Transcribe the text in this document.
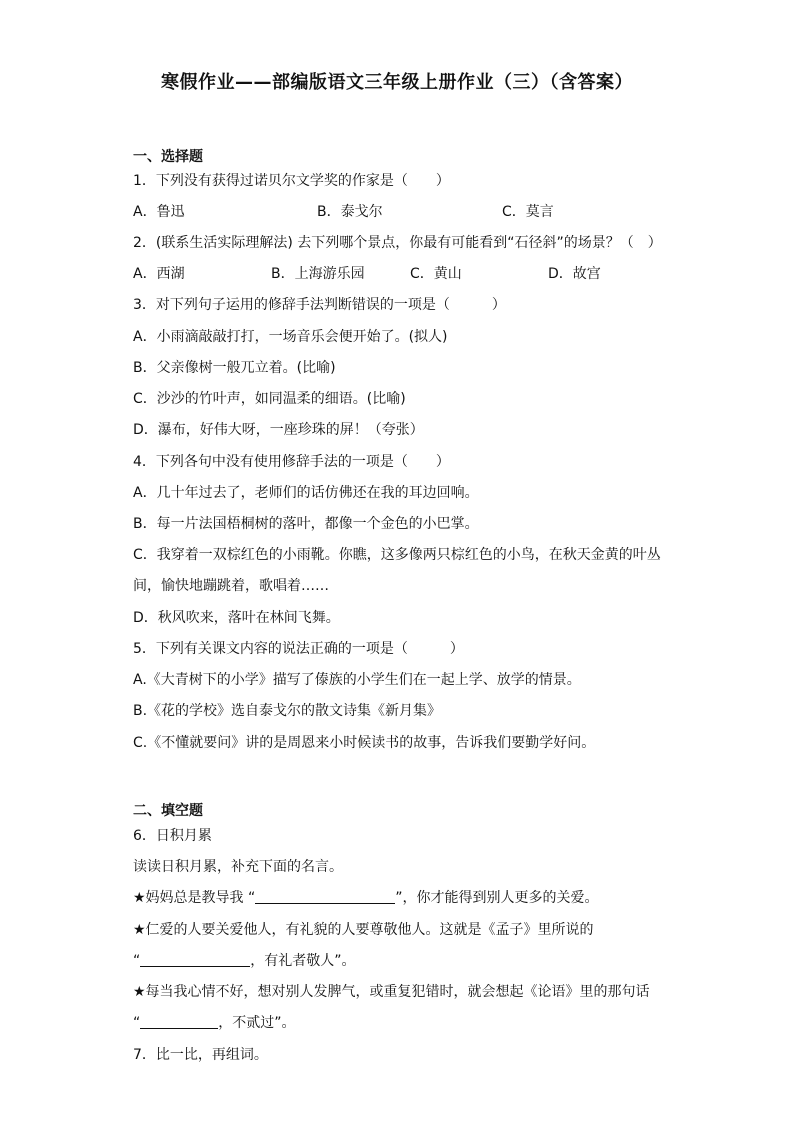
寒假作业——部编版语文三年级上册作业（三）（含答案）
一、选择题
1．下列没有获得过诺贝尔文学奖的作家是（　　）
A．鲁迅	B．泰戈尔	C．莫言
2．(联系生活实际理解法) 去下列哪个景点，你最有可能看到“石径斜”的场景？（　）
A．西湖	B．上海游乐园	C．黄山	D．故宫
3．对下列句子运用的修辞手法判断错误的一项是（　　　）
A．小雨滴敲敲打打，一场音乐会便开始了。(拟人)
B．父亲像树一般兀立着。(比喻)
C．沙沙的竹叶声，如同温柔的细语。(比喻)
D．瀑布，好伟大呀，一座珍珠的屏！（夸张）
4．下列各句中没有使用修辞手法的一项是（　　）
A．几十年过去了，老师们的话仿佛还在我的耳边回响。
B．每一片法国梧桐树的落叶，都像一个金色的小巴掌。
C．我穿着一双棕红色的小雨靴。你瞧，这多像两只棕红色的小鸟，在秋天金黄的叶丛
间，愉快地蹦跳着，歌唱着……
D．秋风吹来，落叶在林间飞舞。
5．下列有关课文内容的说法正确的一项是（　　　）
A.《大青树下的小学》描写了傣族的小学生们在一起上学、放学的情景。
B.《花的学校》选自泰戈尔的散文诗集《新月集》
C.《不懂就要问》讲的是周恩来小时候读书的故事，告诉我们要勤学好问。
二、填空题
6．日积月累
读读日积月累，补充下面的名言。
★妈妈总是教导我 “	”，你才能得到别人更多的关爱。
★仁爱的人要关爱他人，有礼貌的人要尊敬他人。这就是《孟子》里所说的
“	，有礼者敬人”。
★每当我心情不好，想对别人发脾气，或重复犯错时，就会想起《论语》里的那句话
“	，不贰过”。
7．比一比，再组词。
